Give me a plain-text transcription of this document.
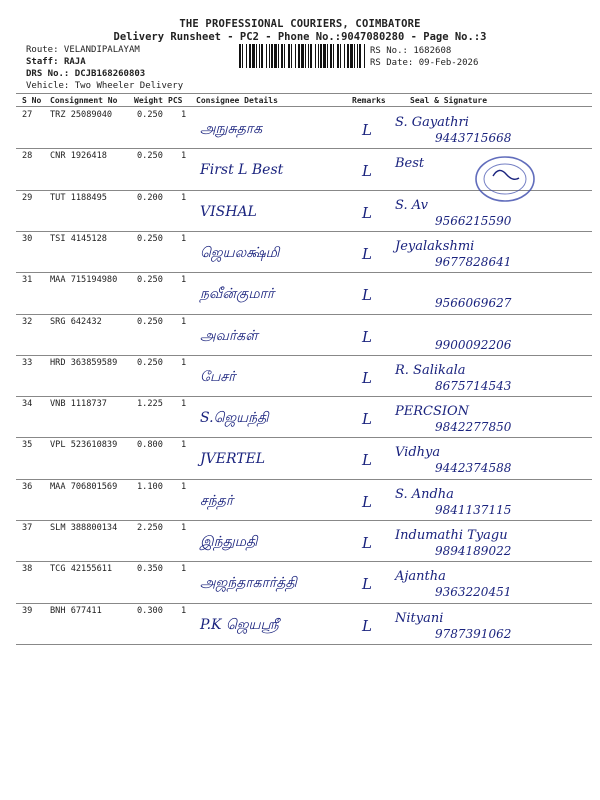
THE PROFESSIONAL COURIERS, COIMBATORE
Delivery Runsheet - PC2 - Phone No.:9047080280 - Page No.:3
Route: VELANDIPALAYAM
Staff: RAJA
DRS No.: DCJB168260803
Vehicle: Two Wheeler Delivery
RS No.: 1682608
RS Date: 09-Feb-2026
S No Consignment No Weight PCS Consignee Details	Remarks	Seal & Signature
27 TRZ 25089040	0.250 1
அநுசுதாக	L S. Gayathri
9443715668
28 CNR 1926418	0.250 1
First L Best	L Best
29 TUT 1188495	0.200 1
VISHAL	L S. Av
9566215590
30 TSI 4145128	0.250 1
ஜெயலக்ஷ்மி	L Jeyalakshmi
9677828641
31 MAA 715194980 0.250 1
நவீன்குமார்	L	9566069627
32 SRG 642432	0.250 1
அவர்கள்	L	9900092206
33 HRD 363859589 0.250 1
பேசர்	L R. Salikala
8675714543
34 VNB 1118737	1.225 1
S.ஜெயந்தி	L PERCSION
9842277850
35 VPL 523610839 0.800 1
JVERTEL	L Vidhya
9442374588
36 MAA 706801569 1.100 1
சந்தர்	L S. Andha
9841137115
37 SLM 388800134 2.250 1
இந்துமதி	L Indumathi Tyagu
9894189022
38 TCG 42155611	0.350 1
அஜந்தாகார்த்தி	L Ajantha
9363220451
39 BNH 677411	0.300 1
P.K ஜெயஸ்ரீ	L Nityani
9787391062
